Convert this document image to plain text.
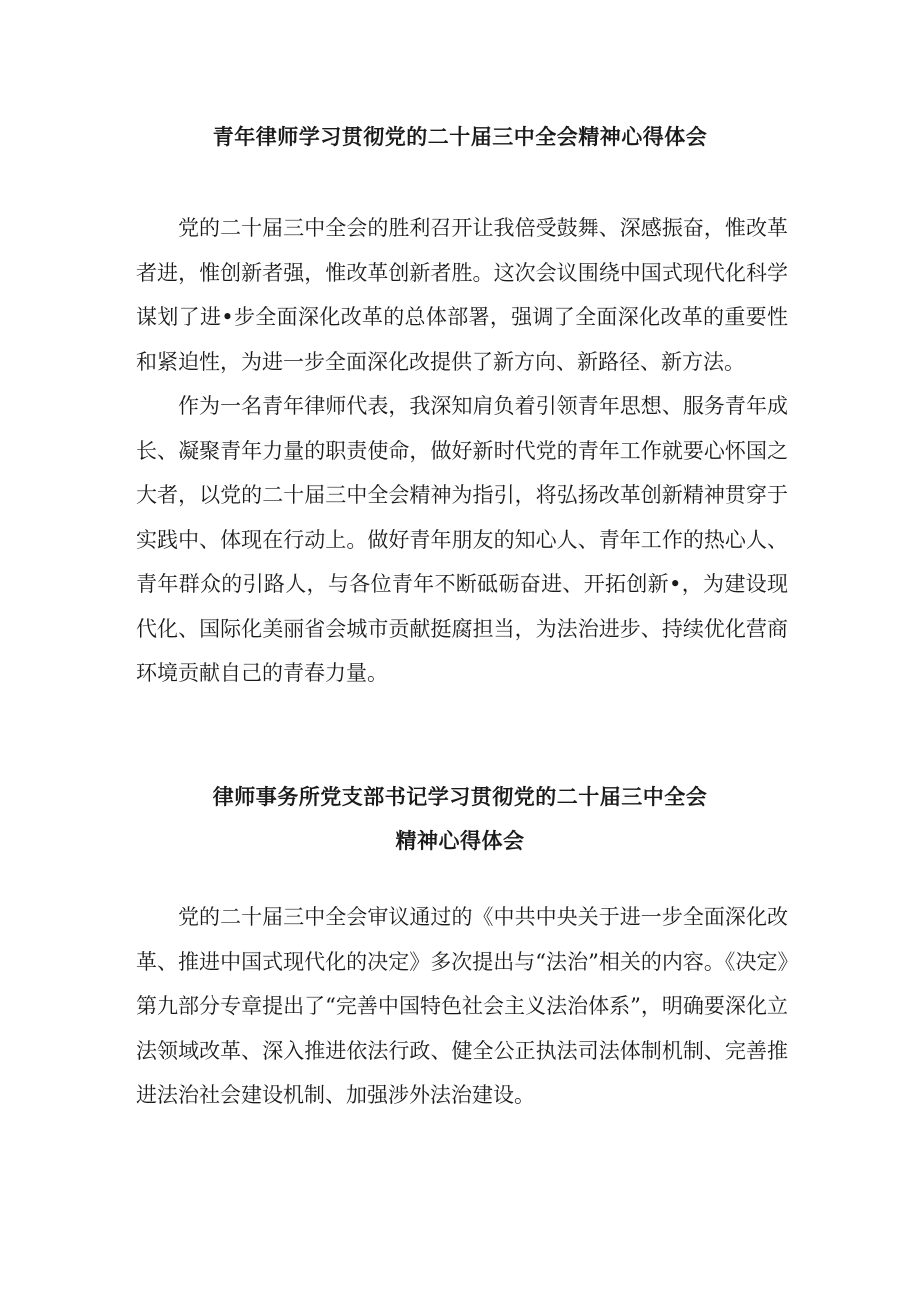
青年律师学习贯彻党的二十届三中全会精神心得体会

党的二十届三中全会的胜利召开让我倍受鼓舞、深感振奋，惟改革者进，惟创新者强，惟改革创新者胜。这次会议围绕中国式现代化科学谋划了进•步全面深化改革的总体部署，强调了全面深化改革的重要性和紧迫性，为进一步全面深化改提供了新方向、新路径、新方法。

作为一名青年律师代表，我深知肩负着引领青年思想、服务青年成长、凝聚青年力量的职责使命，做好新时代党的青年工作就要心怀国之大者，以党的二十届三中全会精神为指引，将弘扬改革创新精神贯穿于实践中、体现在行动上。做好青年朋友的知心人、青年工作的热心人、青年群众的引路人，与各位青年不断砥砺奋进、开拓创新•，为建设现代化、国际化美丽省会城市贡献挺腐担当，为法治进步、持续优化营商环境贡献自己的青春力量。

律师事务所党支部书记学习贯彻党的二十届三中全会
精神心得体会

党的二十届三中全会审议通过的《中共中央关于进一步全面深化改革、推进中国式现代化的决定》多次提出与“法治”相关的内容。《决定》第九部分专章提出了“完善中国特色社会主义法治体系”，明确要深化立法领域改革、深入推进依法行政、健全公正执法司法体制机制、完善推进法治社会建设机制、加强涉外法治建设。
